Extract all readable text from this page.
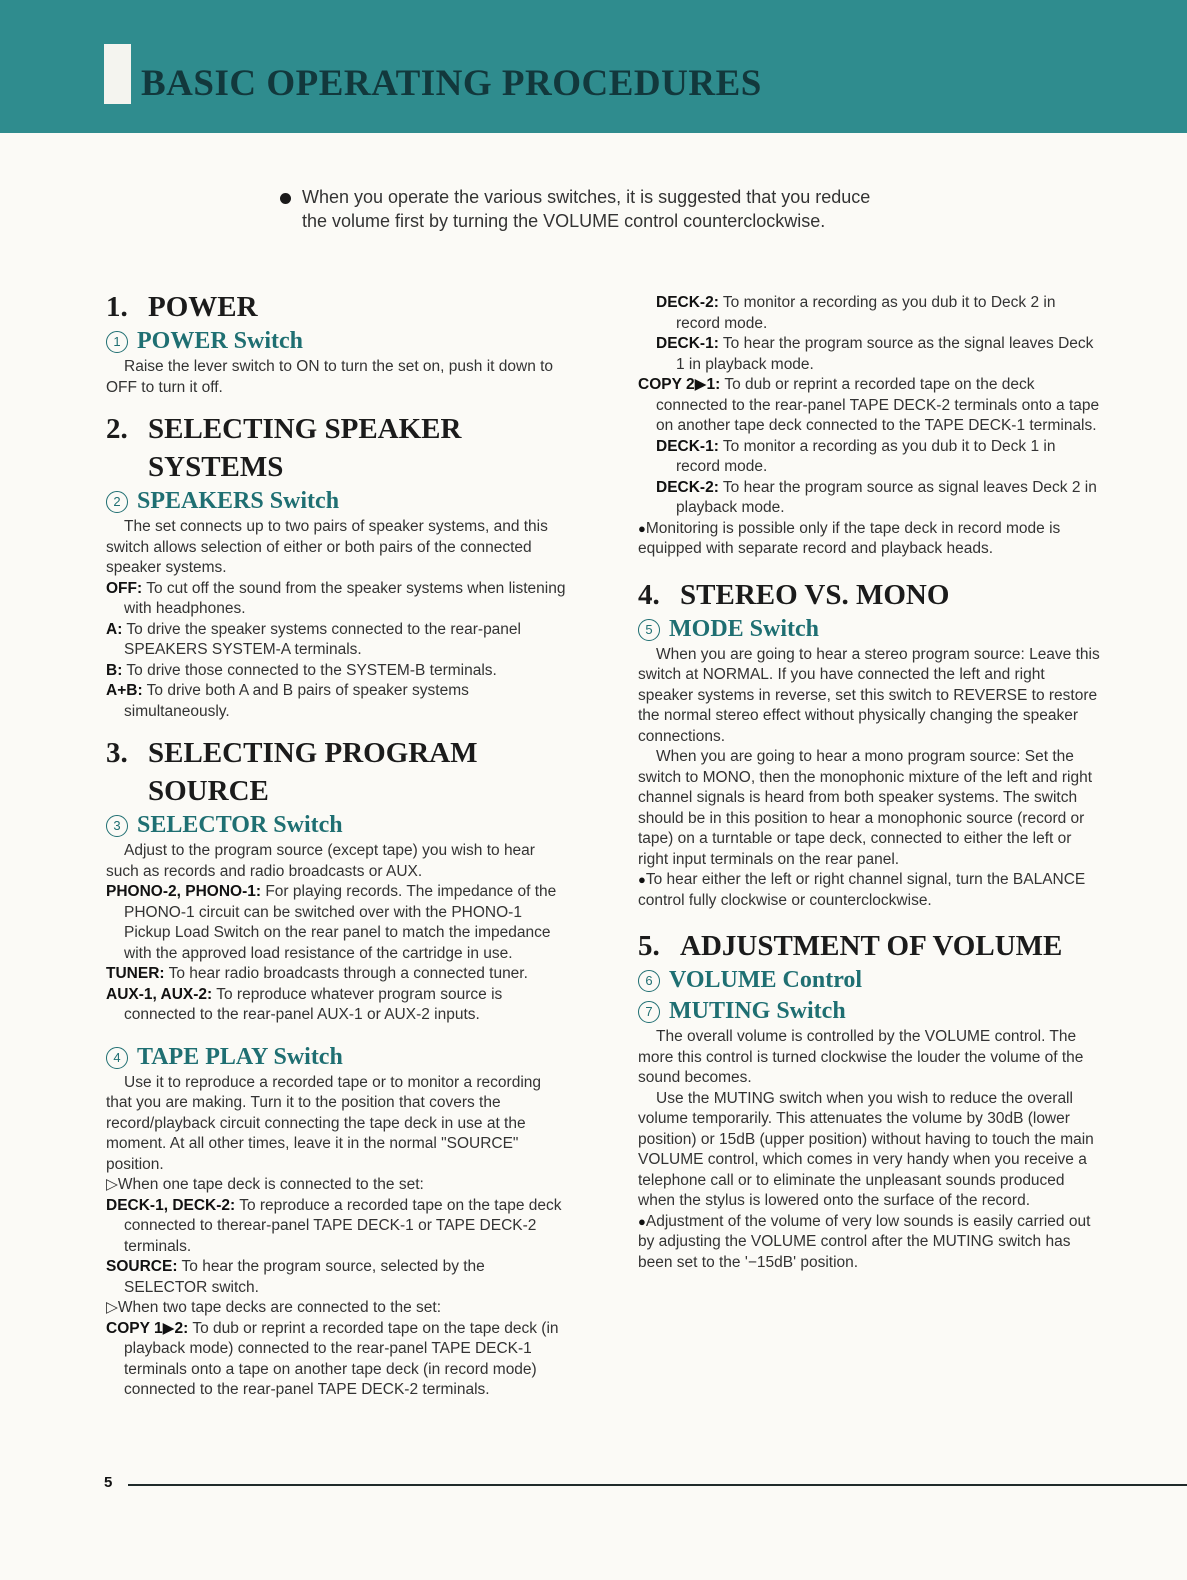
BASIC OPERATING PROCEDURES
When you operate the various switches, it is suggested that you reduce
the volume first by turning the VOLUME control counterclockwise.
1. POWER
1 POWER Switch

Raise the lever switch to ON to turn the set on, push it down to OFF to turn it off.

2. SELECTING SPEAKER
SYSTEMS
2 SPEAKERS Switch

The set connects up to two pairs of speaker systems, and this switch allows selection of either or both pairs of the connected speaker systems.

OFF: To cut off the sound from the speaker systems when listening with headphones.

A: To drive the speaker systems connected to the rear-panel SPEAKERS SYSTEM-A terminals.

B: To drive those connected to the SYSTEM-B terminals.

A+B: To drive both A and B pairs of speaker systems simultaneously.

3. SELECTING PROGRAM
SOURCE
3 SELECTOR Switch

Adjust to the program source (except tape) you wish to hear such as records and radio broadcasts or AUX.

PHONO-2, PHONO-1: For playing records. The impedance of the PHONO-1 circuit can be switched over with the PHONO-1 Pickup Load Switch on the rear panel to match the impedance with the approved load resistance of the cartridge in use.

TUNER: To hear radio broadcasts through a connected tuner.

AUX-1, AUX-2: To reproduce whatever program source is connected to the rear-panel AUX-1 or AUX-2 inputs.

4 TAPE PLAY Switch

Use it to reproduce a recorded tape or to monitor a recording that you are making. Turn it to the position that covers the record/playback circuit connecting the tape deck in use at the moment. At all other times, leave it in the normal "SOURCE" position.

▷When one tape deck is connected to the set:

DECK-1, DECK-2: To reproduce a recorded tape on the tape deck connected to therear-panel TAPE DECK-1 or TAPE DECK-2 terminals.

SOURCE: To hear the program source, selected by the SELECTOR switch.

▷When two tape decks are connected to the set:

COPY 1▶2: To dub or reprint a recorded tape on the tape deck (in playback mode) connected to the rear-panel TAPE DECK-1 terminals onto a tape on another tape deck (in record mode) connected to the rear-panel TAPE DECK-2 terminals.

DECK-2: To monitor a recording as you dub it to Deck 2 in record mode.

DECK-1: To hear the program source as the signal leaves Deck 1 in playback mode.

COPY 2▶1: To dub or reprint a recorded tape on the deck connected to the rear-panel TAPE DECK-2 terminals onto a tape on another tape deck connected to the TAPE DECK-1 terminals.

DECK-1: To monitor a recording as you dub it to Deck 1 in record mode.

DECK-2: To hear the program source as signal leaves Deck 2 in playback mode.

● Monitoring is possible only if the tape deck in record mode is equipped with separate record and playback heads.

4. STEREO VS. MONO
5 MODE Switch

When you are going to hear a stereo program source: Leave this switch at NORMAL. If you have connected the left and right speaker systems in reverse, set this switch to REVERSE to restore the normal stereo effect without physically changing the speaker connections.

When you are going to hear a mono program source: Set the switch to MONO, then the monophonic mixture of the left and right channel signals is heard from both speaker systems. The switch should be in this position to hear a monophonic source (record or tape) on a turntable or tape deck, connected to either the left or right input terminals on the rear panel.

● To hear either the left or right channel signal, turn the BALANCE control fully clockwise or counterclockwise.

5. ADJUSTMENT OF VOLUME
6 VOLUME Control
7 MUTING Switch

The overall volume is controlled by the VOLUME control. The more this control is turned clockwise the louder the volume of the sound becomes.

Use the MUTING switch when you wish to reduce the overall volume temporarily. This attenuates the volume by 30dB (lower position) or 15dB (upper position) without having to touch the main VOLUME control, which comes in very handy when you receive a telephone call or to eliminate the unpleasant sounds produced when the stylus is lowered onto the surface of the record.

● Adjustment of the volume of very low sounds is easily carried out by adjusting the VOLUME control after the MUTING switch has been set to the '−15dB' position.

5
